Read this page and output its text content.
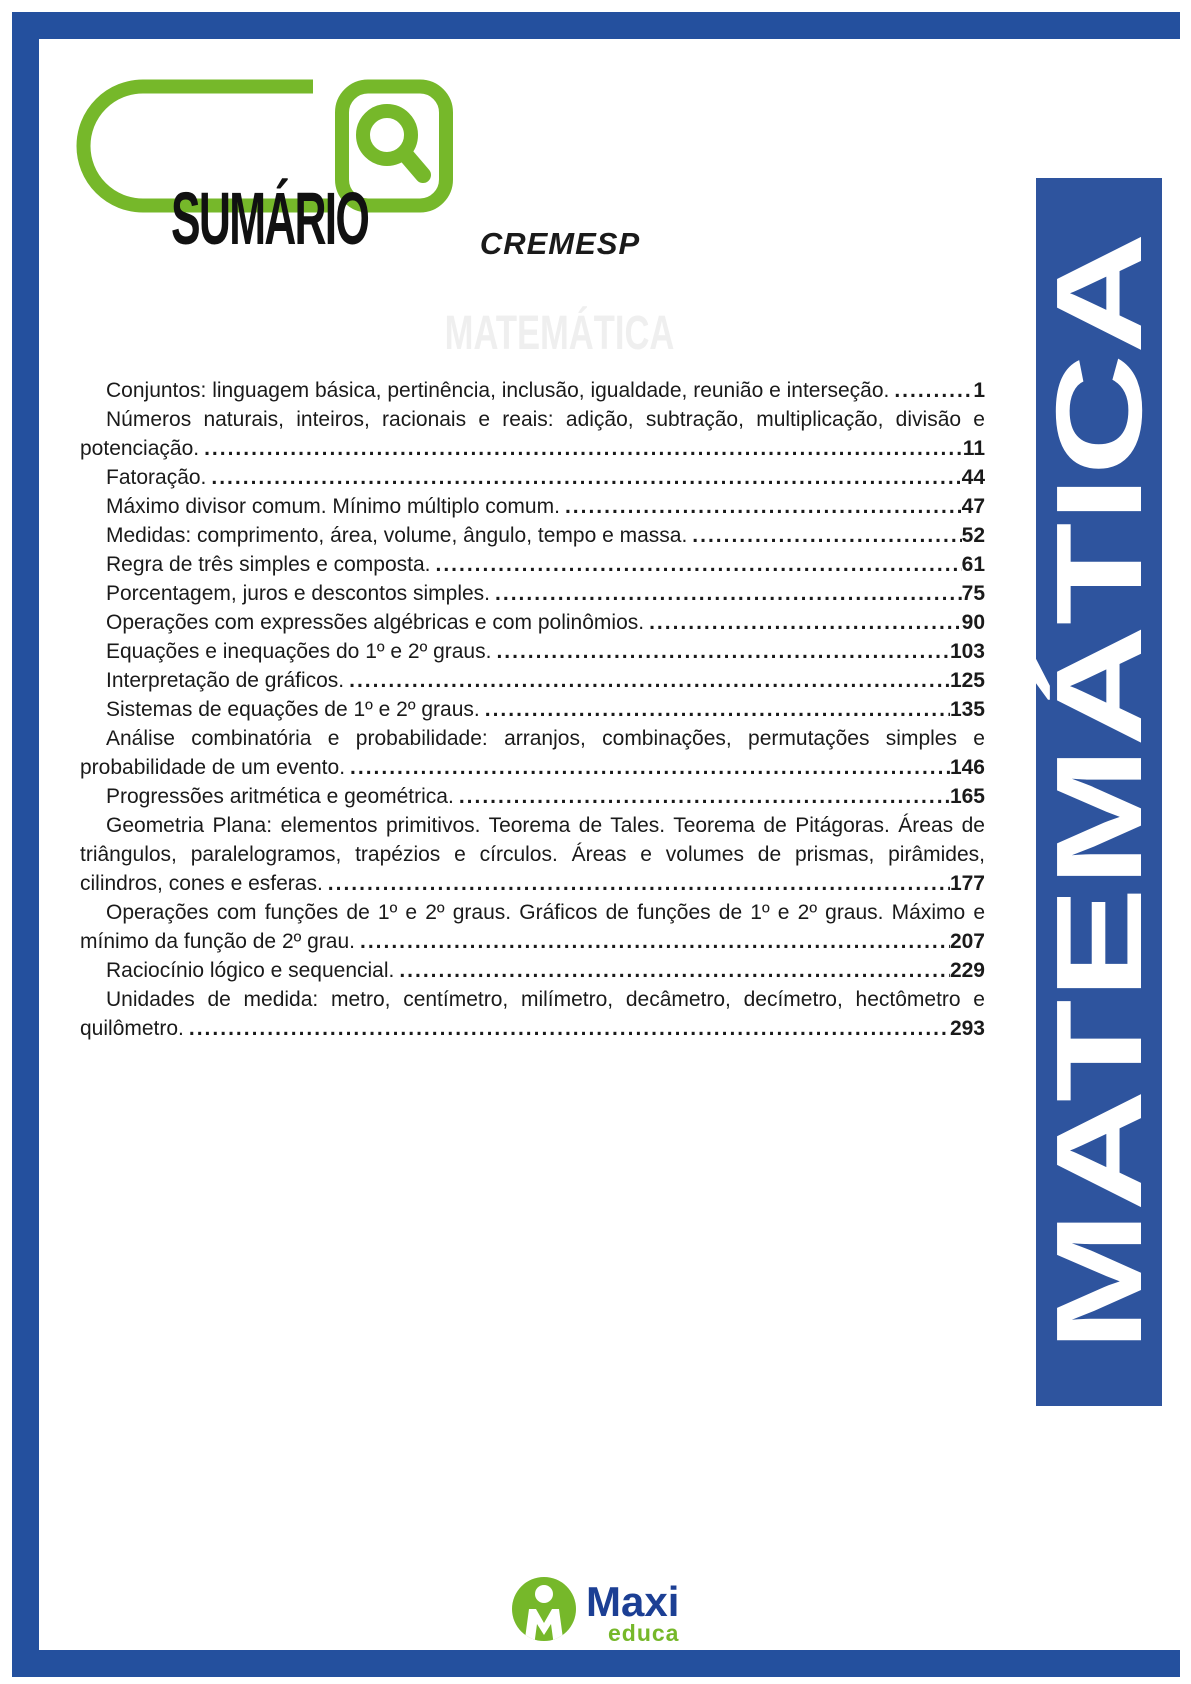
SUMÁRIO	CREMESP
MATEMÁTICA
Conjuntos: linguagem básica, pertinência, inclusão, igualdade, reunião e interseção. .....	1
Números naturais, inteiros, racionais e reais: adição, subtração, multiplicação, divisão e
potenciação. .....	11
Fatoração. .....	44
Máximo divisor comum. Mínimo múltiplo comum. .....	47
Medidas: comprimento, área, volume, ângulo, tempo e massa. .....	52
Regra de três simples e composta. .....	61
Porcentagem, juros e descontos simples. .....	75
Operações com expressões algébricas e com polinômios. .....	90
Equações e inequações do 1º e 2º graus. .....	103
Interpretação de gráficos. .....	125
Sistemas de equações de 1º e 2º graus. .....	135
Análise combinatória e probabilidade: arranjos, combinações, permutações simples e
probabilidade de um evento. .....	146
Progressões aritmética e geométrica. .....	165
Geometria Plana: elementos primitivos. Teorema de Tales. Teorema de Pitágoras. Áreas de
triângulos, paralelogramos, trapézios e círculos. Áreas e volumes de prismas, pirâmides,
cilindros, cones e esferas. .....	177
Operações com funções de 1º e 2º graus. Gráficos de funções de 1º e 2º graus. Máximo e
mínimo da função de 2º grau. .....	207
Raciocínio lógico e sequencial. .....	229
Unidades de medida: metro, centímetro, milímetro, decâmetro, decímetro, hectômetro e
quilômetro. .....	293 MATEMÁTICA
Maxi
educa
